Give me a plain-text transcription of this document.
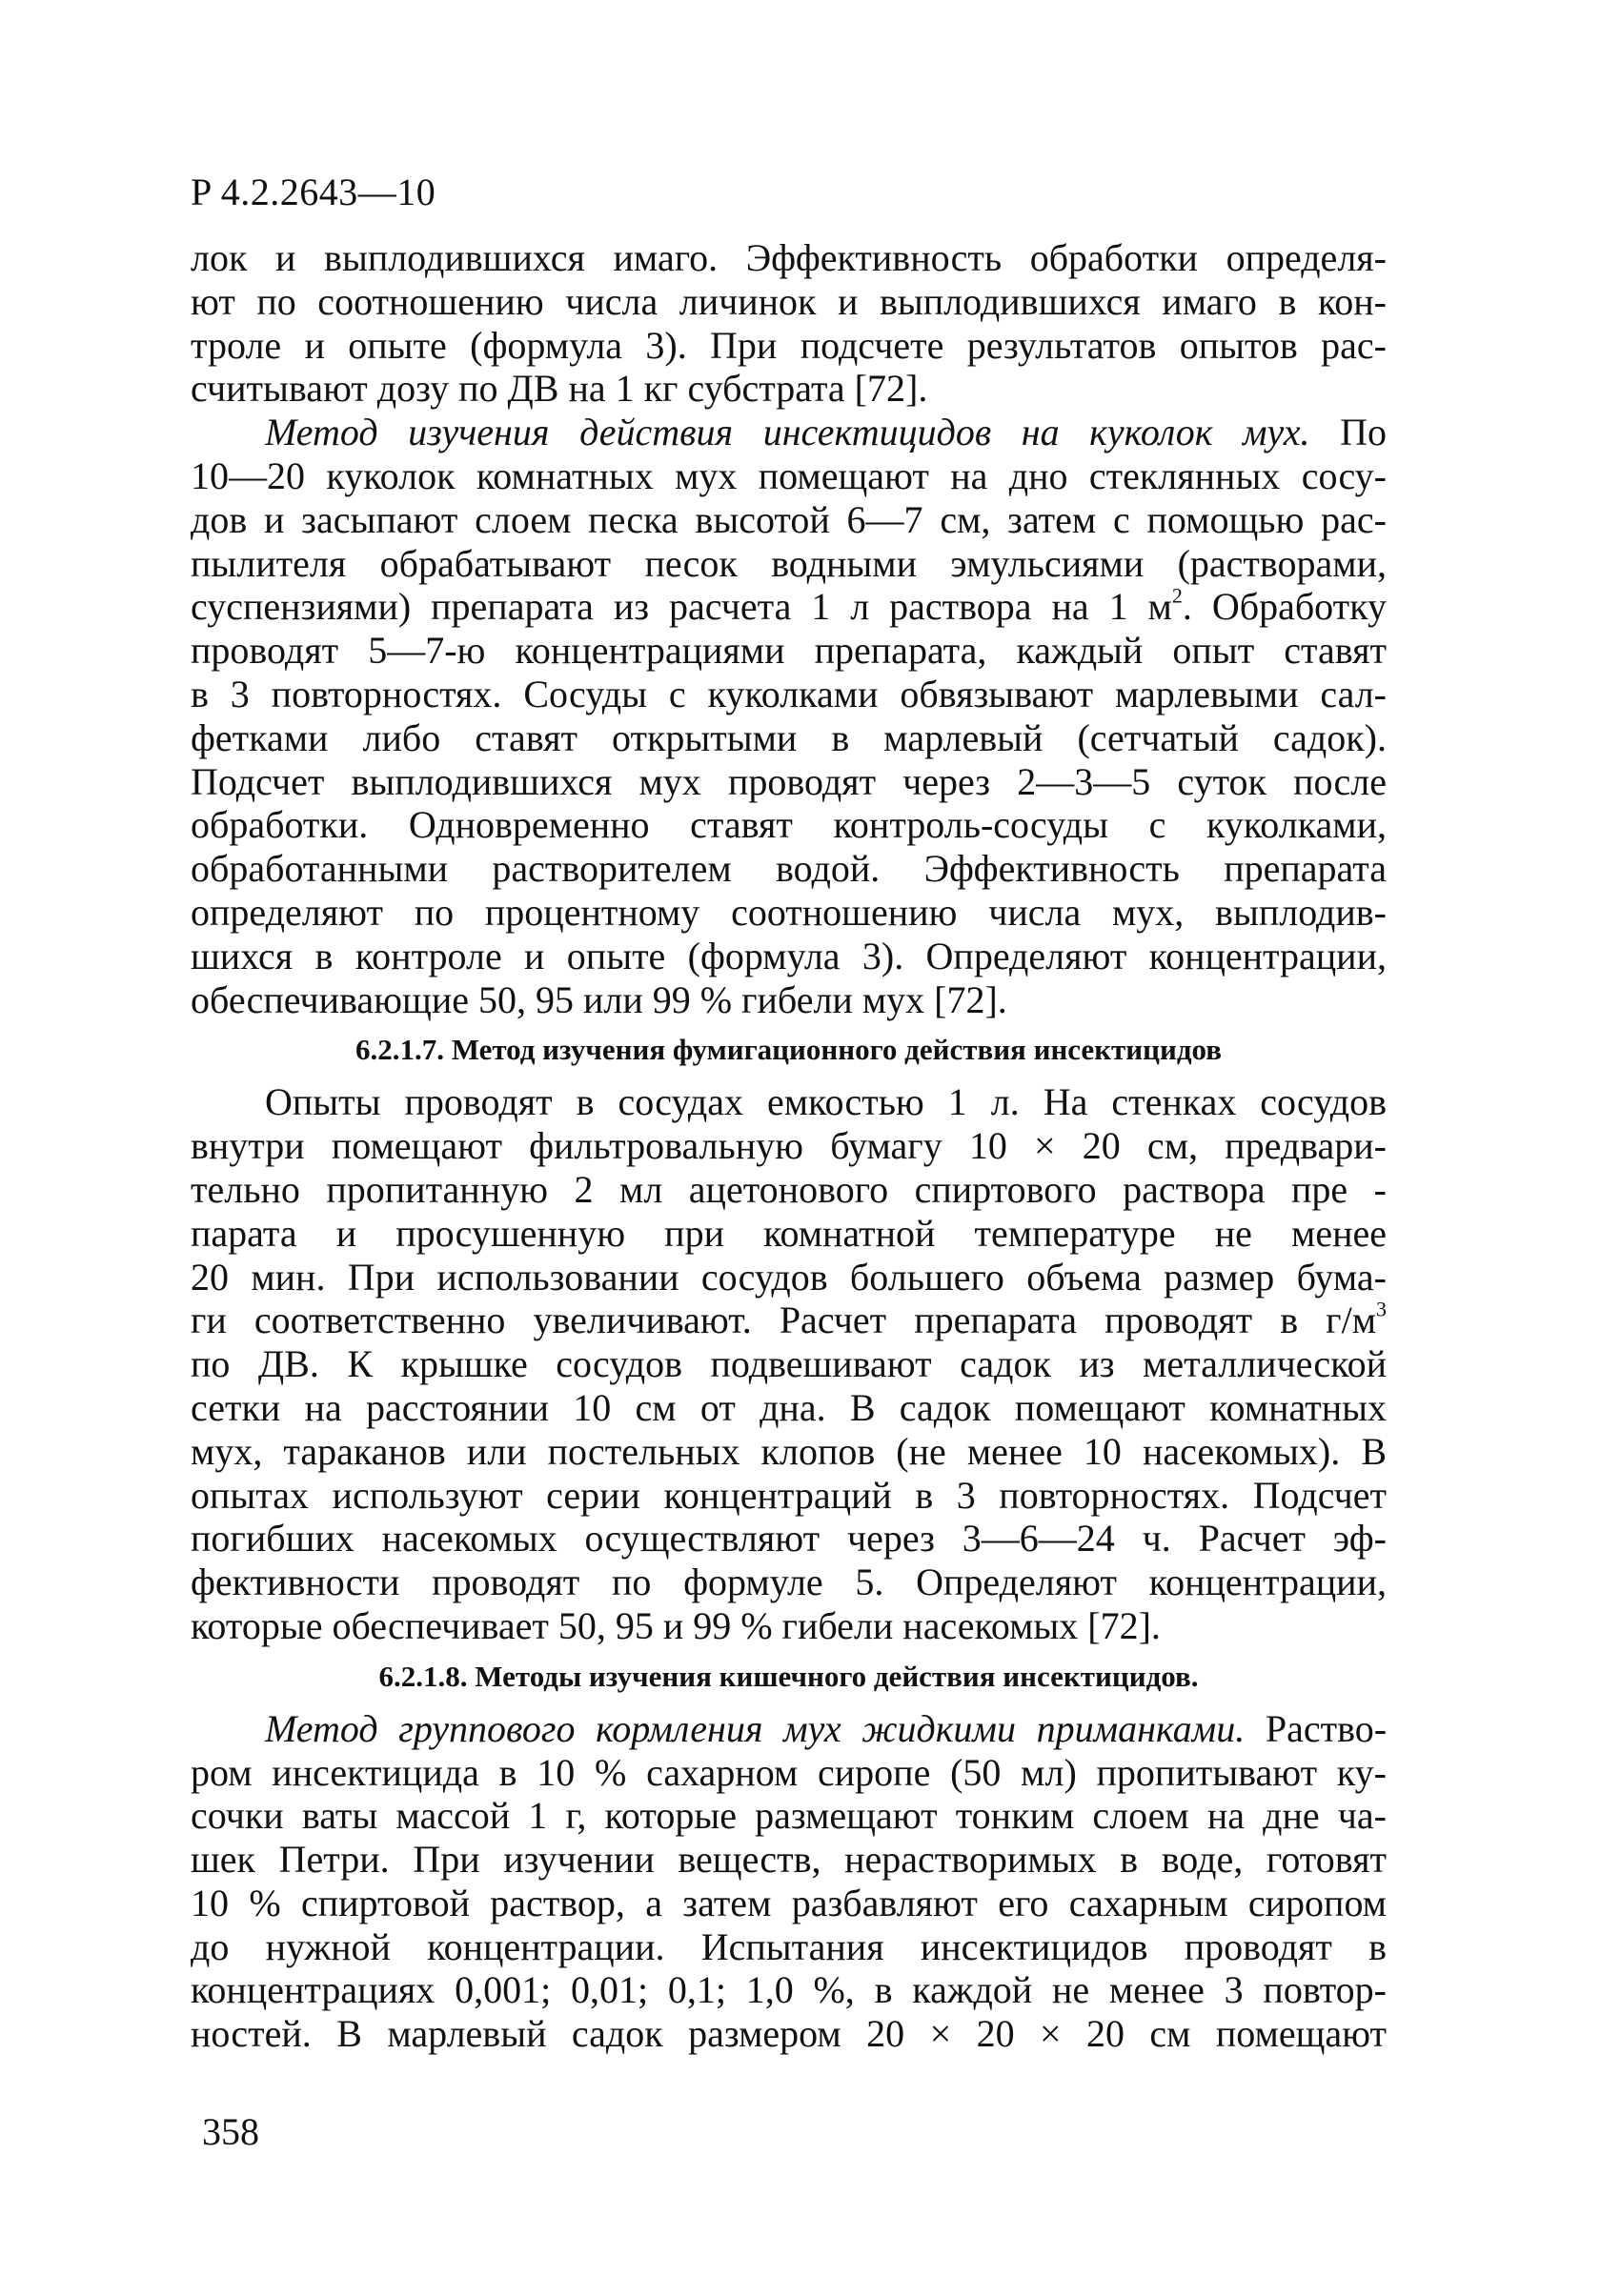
P 4.2.2643—10

лок и выплодившихся имаго. Эффективность обработки определя-
ют по соотношению числа личинок и выплодившихся имаго в кон-
троле и опыте (формула 3). При подсчете результатов опытов рас-
считывают дозу по ДВ на 1 кг субстрата [72].

Метод изучения действия инсектицидов на куколок мух. По
10—20 куколок комнатных мух помещают на дно стеклянных сосу-
дов и засыпают слоем песка высотой 6—7 см, затем с помощью рас-
пылителя обрабатывают песок водными эмульсиями (растворами,
суспензиями) препарата из расчета 1 л раствора на 1 $м^2$. Обработку
проводят 5—7-ю концентрациями препарата, каждый опыт ставят
в 3 повторностях. Сосуды с куколками обвязывают марлевыми сал-
фетками либо ставят открытыми в марлевый (сетчатый садок).
Подсчет выплодившихся мух проводят через 2—3—5 суток после
обработки. Одновременно ставят контроль-сосуды с куколками,
обработанными растворителем водой. Эффективность препарата
определяют по процентному соотношению числа мух, выплодив-
шихся в контроле и опыте (формула 3). Определяют концентрации,
обеспечивающие 50, 95 или 99 % гибели мух [72].

6.2.1.7. Метод изучения фумигационного действия инсектицидов

Опыты проводят в сосудах емкостью 1 л. На стенках сосудов
внутри помещают фильтровальную бумагу 10 × 20 см, предвари-
тельно пропитанную 2 мл ацетонового спиртового раствора пре -
парата и просушенную при комнатной температуре не менее
20 мин. При использовании сосудов большего объема размер бума-
ги соответственно увеличивают. Расчет препарата проводят в $г/м^3$
по ДВ. К крышке сосудов подвешивают садок из металлической
сетки на расстоянии 10 см от дна. В садок помещают комнатных
мух, тараканов или постельных клопов (не менее 10 насекомых). В
опытах используют серии концентраций в 3 повторностях. Подсчет
погибших насекомых осуществляют через 3—6—24 ч. Расчет эф-
фективности проводят по формуле 5. Определяют концентрации,
которые обеспечивает 50, 95 и 99 % гибели насекомых [72].

6.2.1.8. Методы изучения кишечного действия инсектицидов.

Метод группового кормления мух жидкими приманками. Раство-
ром инсектицида в 10 % сахарном сиропе (50 мл) пропитывают ку-
сочки ваты массой 1 г, которые размещают тонким слоем на дне ча-
шек Петри. При изучении веществ, нерастворимых в воде, готовят
10 % спиртовой раствор, а затем разбавляют его сахарным сиропом
до нужной концентрации. Испытания инсектицидов проводят в
концентрациях 0,001; 0,01; 0,1; 1,0 %, в каждой не менее 3 повтор-
ностей. В марлевый садок размером 20 × 20 × 20 см помещают

358
